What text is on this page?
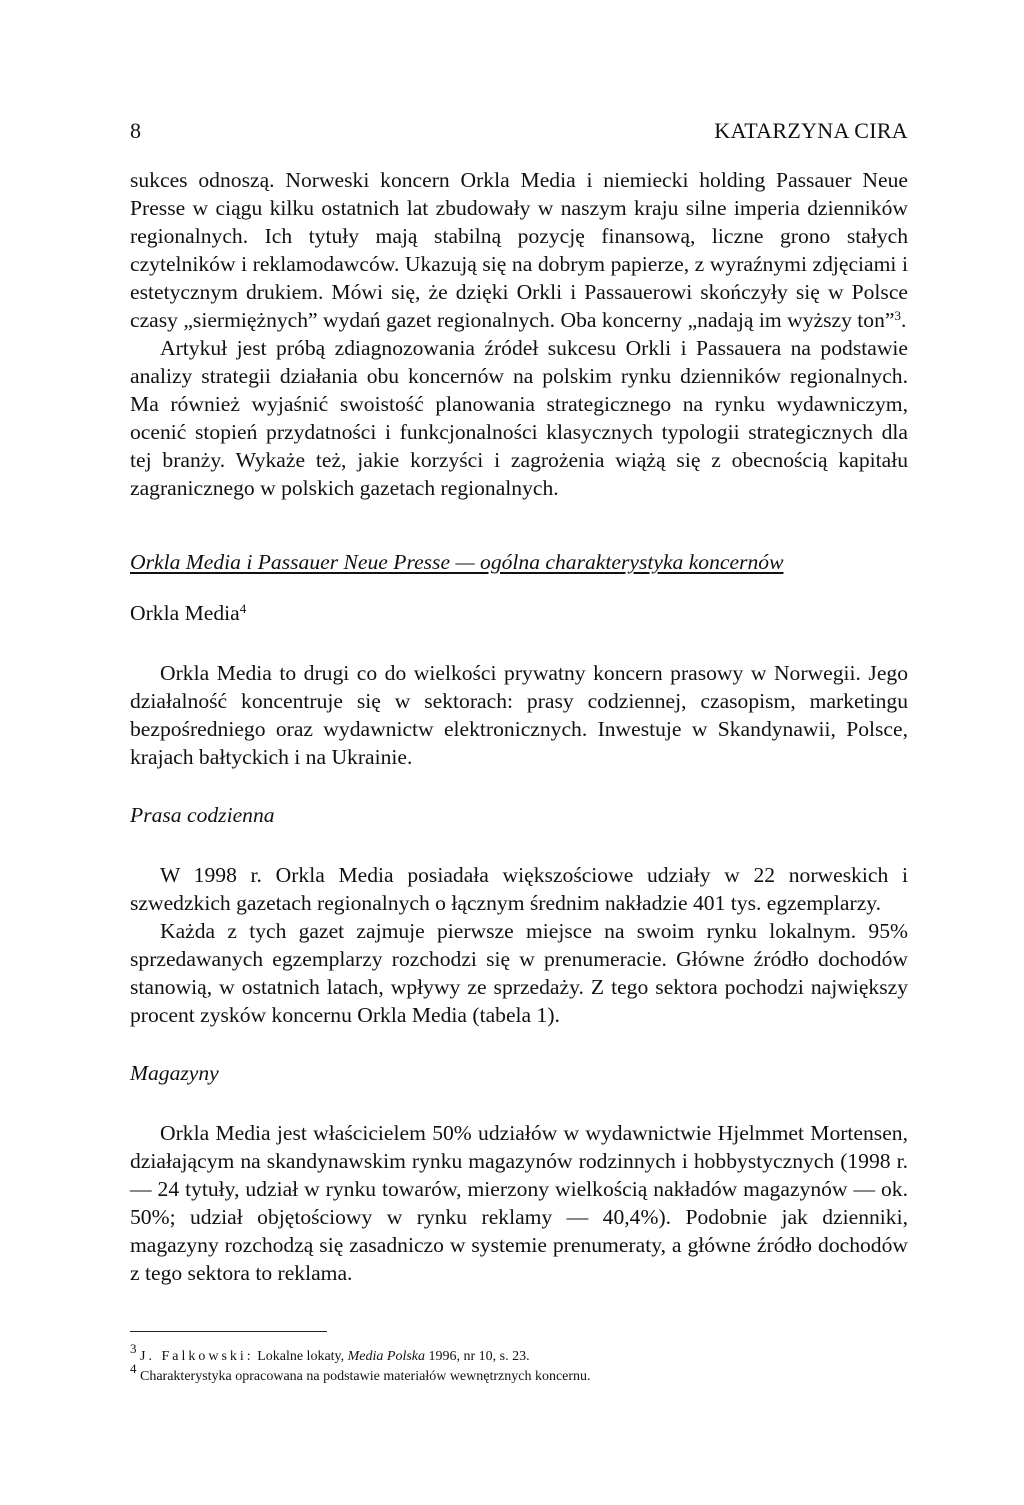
8	KATARZYNA CIRA

sukces odnoszą. Norweski koncern Orkla Media i niemiecki holding Passauer Neue Presse w ciągu kilku ostatnich lat zbudowały w naszym kraju silne imperia dzienników regionalnych. Ich tytuły mają stabilną pozycję finansową, liczne grono stałych czytelników i reklamodawców. Ukazują się na dobrym papierze, z wyraźnymi zdjęciami i estetycznym drukiem. Mówi się, że dzięki Orkli i Passauerowi skończyły się w Polsce czasy „siermiężnych” wydań gazet regionalnych. Oba koncerny „nadają im wyższy ton”$^3$.

Artykuł jest próbą zdiagnozowania źródeł sukcesu Orkli i Passauera na podstawie analizy strategii działania obu koncernów na polskim rynku dzienników regionalnych. Ma również wyjaśnić swoistość planowania strategicznego na rynku wydawniczym, ocenić stopień przydatności i funkcjonalności klasycznych typologii strategicznych dla tej branży. Wykaże też, jakie korzyści i zagrożenia wiążą się z obecnością kapitału zagranicznego w polskich gazetach regionalnych.

Orkla Media i Passauer Neue Presse — ogólna charakterystyka koncernów

Orkla Media$^4$

Orkla Media to drugi co do wielkości prywatny koncern prasowy w Norwegii. Jego działalność koncentruje się w sektorach: prasy codziennej, czasopism, marketingu bezpośredniego oraz wydawnictw elektronicznych. Inwestuje w Skandynawii, Polsce, krajach bałtyckich i na Ukrainie.

Prasa codzienna

W 1998 r. Orkla Media posiadała większościowe udziały w 22 norweskich i szwedzkich gazetach regionalnych o łącznym średnim nakładzie 401 tys. egzemplarzy.

Każda z tych gazet zajmuje pierwsze miejsce na swoim rynku lokalnym. 95% sprzedawanych egzemplarzy rozchodzi się w prenumeracie. Główne źródło dochodów stanowią, w ostatnich latach, wpływy ze sprzedaży. Z tego sektora pochodzi największy procent zysków koncernu Orkla Media (tabela 1).

Magazyny

Orkla Media jest właścicielem 50% udziałów w wydawnictwie Hjelmmet Mortensen, działającym na skandynawskim rynku magazynów rodzinnych i hobbystycznych (1998 r. — 24 tytuły, udział w rynku towarów, mierzony wielkością nakładów magazynów — ok. 50%; udział objętościowy w rynku reklamy — 40,4%). Podobnie jak dzienniki, magazyny rozchodzą się zasadniczo w systemie prenumeraty, a główne źródło dochodów z tego sektora to reklama.

$^3$ J. Falkowski: Lokalne lokaty, Media Polska 1996, nr 10, s. 23.

$^4$ Charakterystyka opracowana na podstawie materiałów wewnętrznych koncernu.
